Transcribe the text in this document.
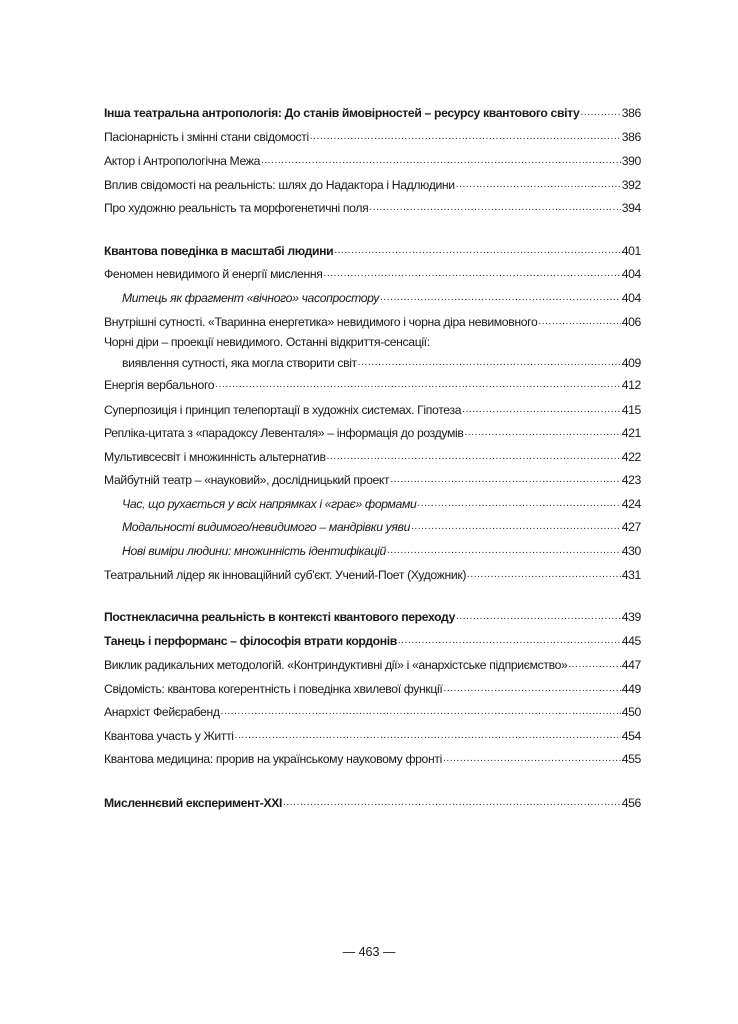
Інша театральна антропологія: До станів ймовірностей – ресурсу квантового світу .....	386
Пасіонарність і змінні стани свідомості .....	386
Актор і Антропологічна Межа .....	390
Вплив свідомості на реальність: шлях до Надактора і Надлюдини .....	392
Про художню реальність та морфогенетичні поля .....	394
Квантова поведінка в масштабі людини .....	401
Феномен невидимого й енергії мислення .....	404
Митець як фрагмент «вічного» часопростору .....	404
Внутрішні сутності. «Тваринна енергетика» невидимого і чорна діра невимовного .....	406
Чорні діри – проекції невидимого. Останні відкриття-сенсації:
виявлення сутності, яка могла створити світ .....	409
Енергія вербального .....	412
Суперпозиція і принцип телепортації в художніх системах. Гіпотеза .....	415
Репліка-цитата з «парадоксу Левенталя» – інформація до роздумів .....	421
Мультивсесвіт і множинність альтернатив .....	422
Майбутній театр – «науковий», дослідницький проект .....	423
Час, що рухається у всіх напрямках і «грає» формами .....	424
Модальності видимого/невидимого – мандрівки уяви .....	427
Нові виміри людини: множинність ідентифікацій .....	430
Театральний лідер як інноваційний суб'єкт. Учений-Поет (Художник) .....	431
Постнекласична реальність в контексті квантового переходу .....	439
Танець і перформанс – філософія втрати кордонів .....	445
Виклик радикальних методологій. «Контриндуктивні дії» і «анархістське підприємство» .....	447
Свідомість: квантова когерентність і поведінка хвилевої функції .....	449
Анархіст Фейєрабенд .....	450
Квантова участь у Житті .....	454
Квантова медицина: прорив на українському науковому фронті .....	455
Мисленнєвий експеримент-XXI .....	456
— 463 —
